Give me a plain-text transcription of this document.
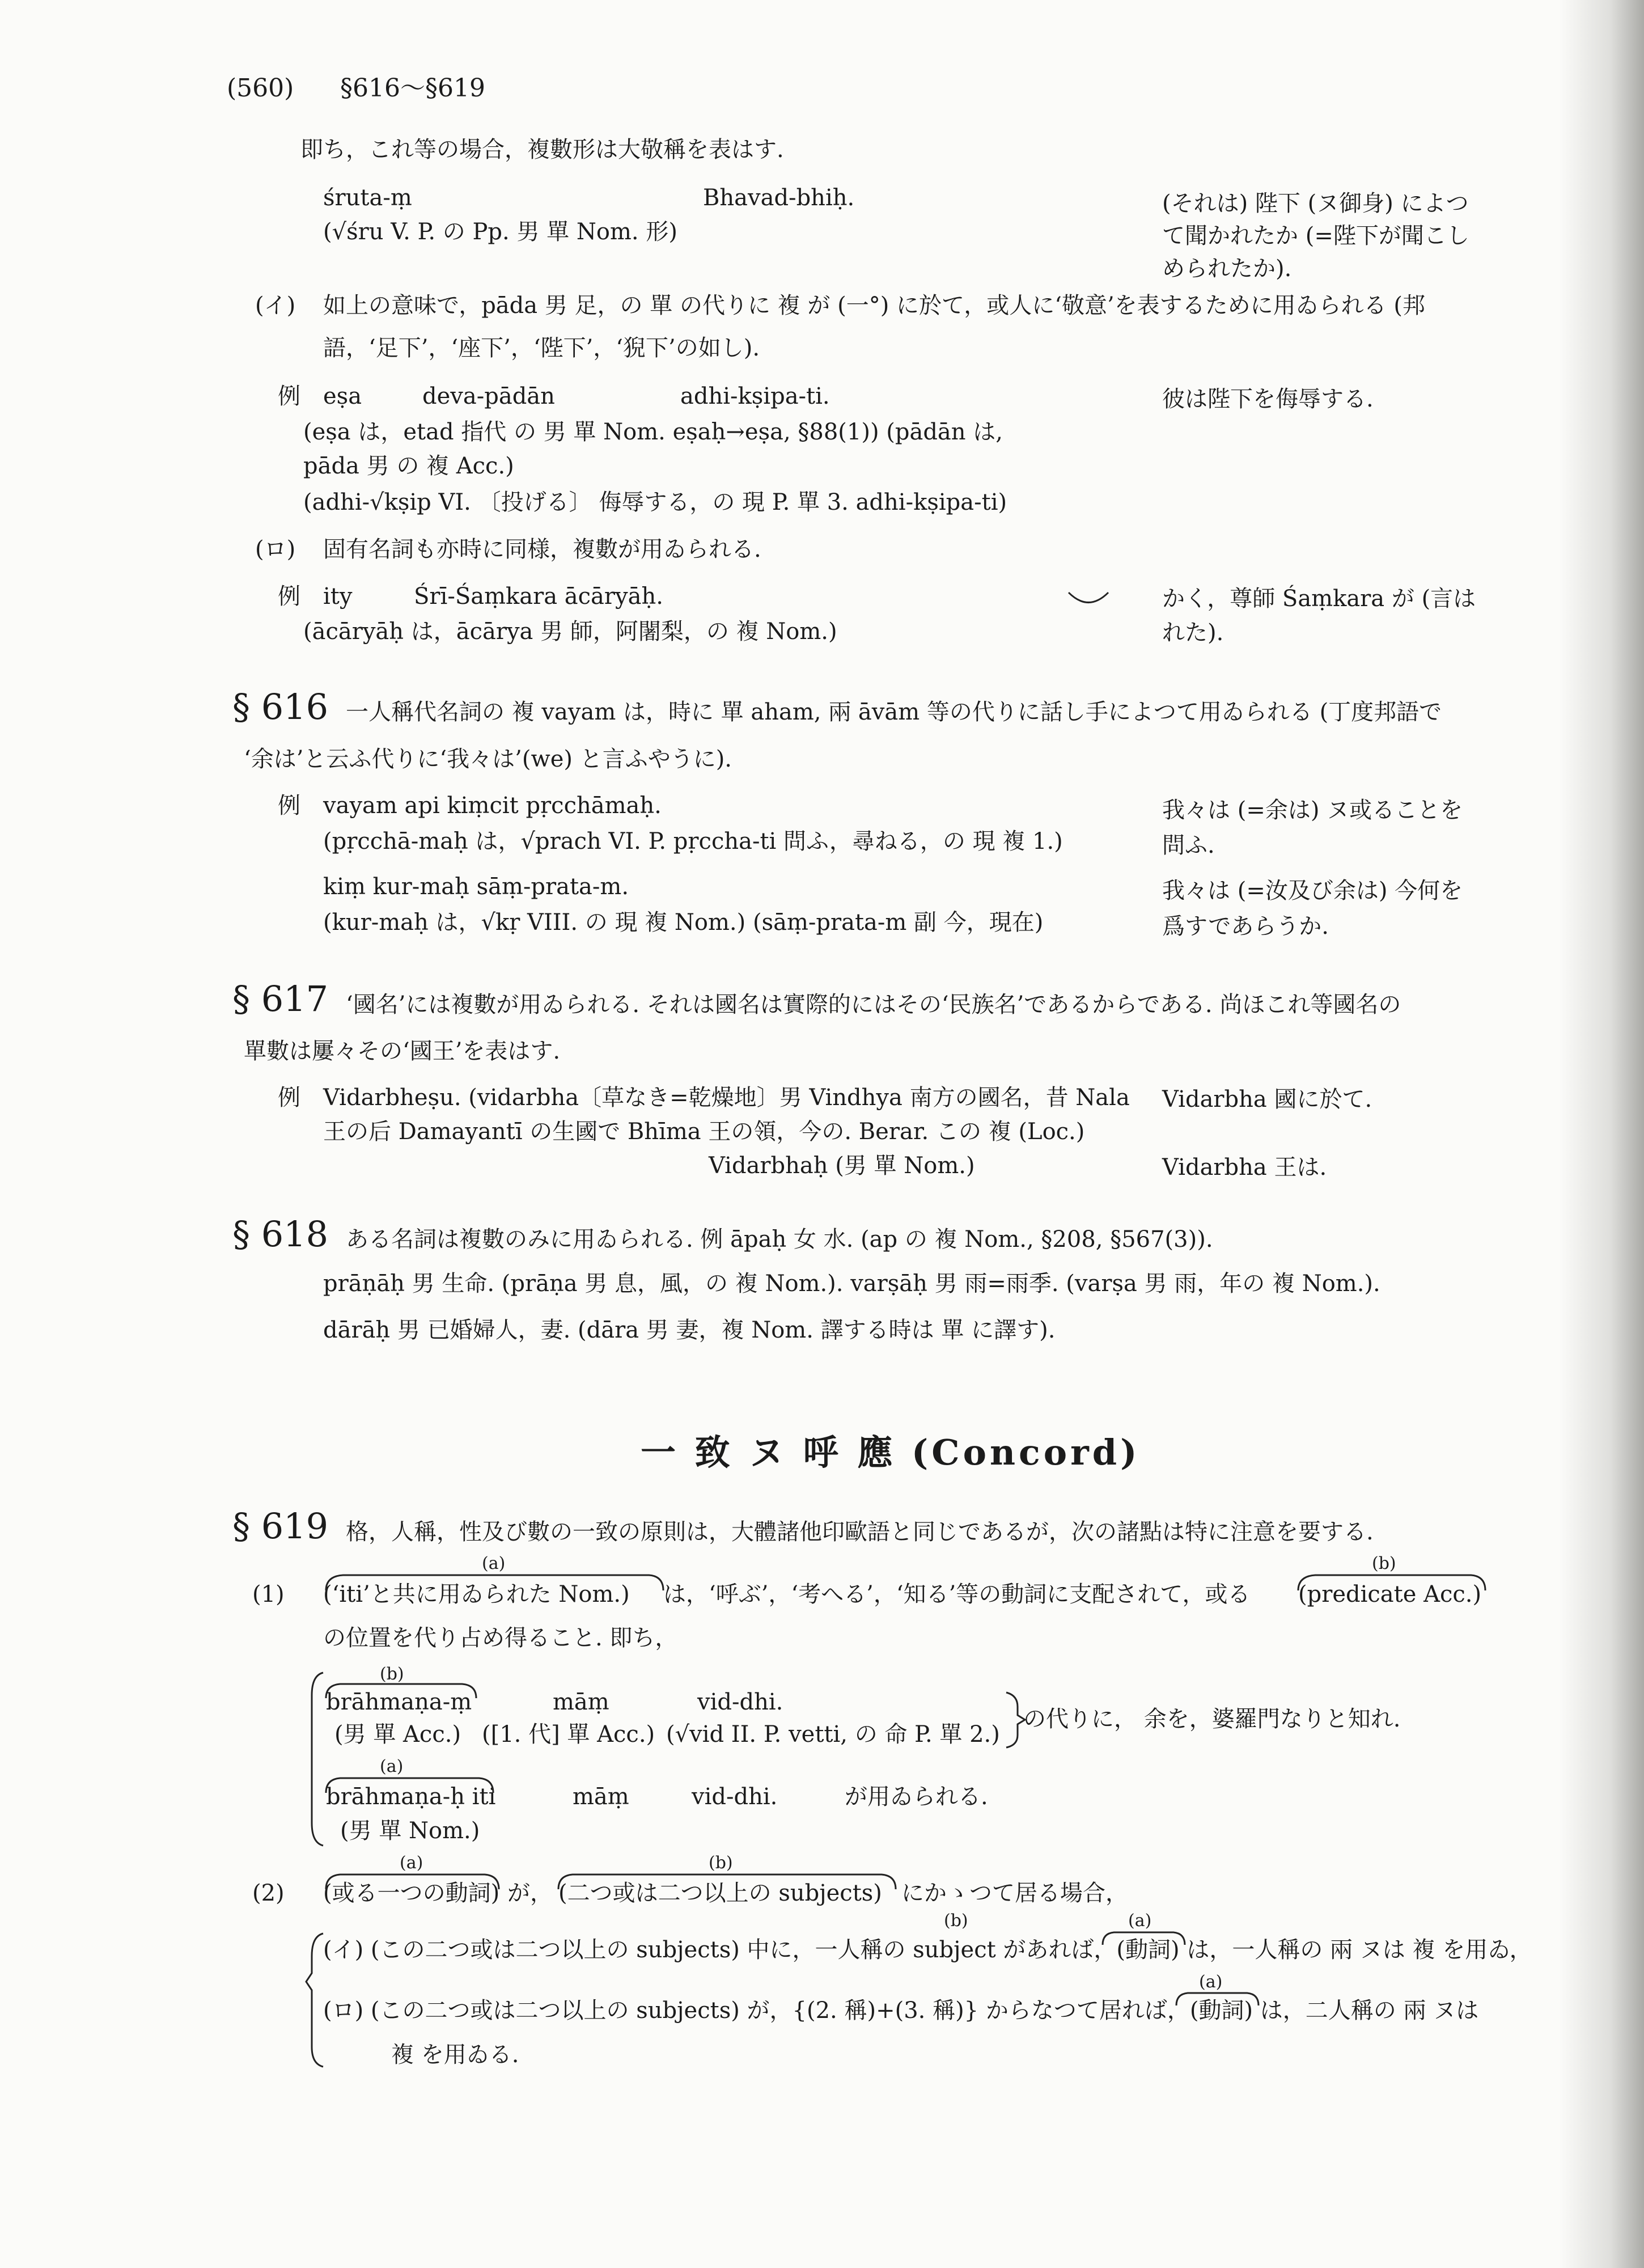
(560) §616〜§619
即ち，これ等の場合，複數形は大敬稱を表はす.
śruta-ṃ	Bhavad-bhiḥ.
(√śru V. P. の Pp. 男 單 Nom. 形)
(それは) 陛下 (ヌ御身) によつ
て聞かれたか (=陛下が聞こし
められたか).
(イ) 如上の意味で，pāda 男 足，の 單 の代りに 複 が (一°) に於て，或人に‘敬意’を表するために用ゐられる (邦
語，‘足下’，‘座下’，‘陛下’，‘猊下’の如し).
例 eṣa	deva-pādān	adhi-kṣipa-ti.	彼は陛下を侮辱する.
(eṣa は，etad 指代 の 男 單 Nom. eṣaḥ→eṣa, §88(1)) (pādān は,
pāda 男 の 複 Acc.)
(adhi-√kṣip VI. 〔投げる〕 侮辱する，の 現 P. 單 3. adhi-kṣipa-ti)
(ロ) 固有名詞も亦時に同様，複數が用ゐられる.
例 ity	Śrī-Śaṃkara ācāryāḥ.
(ācāryāḥ は，ācārya 男 師，阿闍梨，の 複 Nom.)
かく，尊師 Śaṃkara が (言は
れた).
§ 616 一人稱代名詞の 複 vayam は，時に 單 aham, 兩 āvām 等の代りに話し手によつて用ゐられる (丁度邦語で
‘余は’と云ふ代りに‘我々は’(we) と言ふやうに).
例 vayam api kiṃcit pṛcchāmaḥ.
(pṛcchā-maḥ は，√prach VI. P. pṛccha-ti 問ふ，尋ねる，の 現 複 1.)
我々は (=余は) ヌ或ることを
問ふ.
kiṃ kur-maḥ sāṃ-prata-m.
(kur-maḥ は，√kṛ VIII. の 現 複 Nom.) (sāṃ-prata-m 副 今，現在)
我々は (=汝及び余は) 今何を
爲すであらうか.
§ 617 ‘國名’には複數が用ゐられる. それは國名は實際的にはその‘民族名’であるからである. 尚ほこれ等國名の
單數は屢々その‘國王’を表はす.
例 Vidarbheṣu. (vidarbha〔草なき=乾燥地〕男 Vindhya 南方の國名，昔 Nala
王の后 Damayantī の生國で Bhīma 王の領，今の. Berar. この 複 (Loc.)
Vidarbhaḥ (男 單 Nom.)
Vidarbha 國に於て.
Vidarbha 王は.
§ 618 ある名詞は複數のみに用ゐられる. 例 āpaḥ 女 水. (ap の 複 Nom., §208, §567(3)).
prāṇāḥ 男 生命. (prāṇa 男 息，風，の 複 Nom.). varṣāḥ 男 雨=雨季. (varṣa 男 雨，年の 複 Nom.).
dārāḥ 男 已婚婦人，妻. (dāra 男 妻，複 Nom. 譯する時は 單 に譯す).
一 致 ヌ 呼 應 (Concord)
§ 619 格，人稱，性及び數の一致の原則は，大體諸他印歐語と同じであるが，次の諸點は特に注意を要する.
(a)	(b)
(1) (‘iti’と共に用ゐられた Nom.) は，‘呼ぶ’，‘考へる’，‘知る’等の動詞に支配されて，或る (predicate Acc.)
の位置を代り占め得ること. 即ち，
(b)
brāhmaṇa-ṃ	māṃ	vid-dhi.
(男 單 Acc.) ([1. 代] 單 Acc.) (√vid II. P. vetti, の 命 P. 單 2.)
の代りに， 余を，婆羅門なりと知れ.
(a)
brāhmaṇa-ḥ iti	māṃ	vid-dhi.	が用ゐられる.
(男 單 Nom.)
(a)	(b)
(2) (或る一つの動詞) が， (二つ或は二つ以上の subjects) にかゝつて居る場合，
(b)	(a)
(イ) (この二つ或は二つ以上の subjects) 中に，一人稱の subject があれば，(動詞) は，一人稱の 兩 ヌは 複 を用ゐ，
(a)
(ロ) (この二つ或は二つ以上の subjects) が，{(2. 稱)+(3. 稱)} からなつて居れば，(動詞) は，二人稱の 兩 ヌは
複 を用ゐる.
